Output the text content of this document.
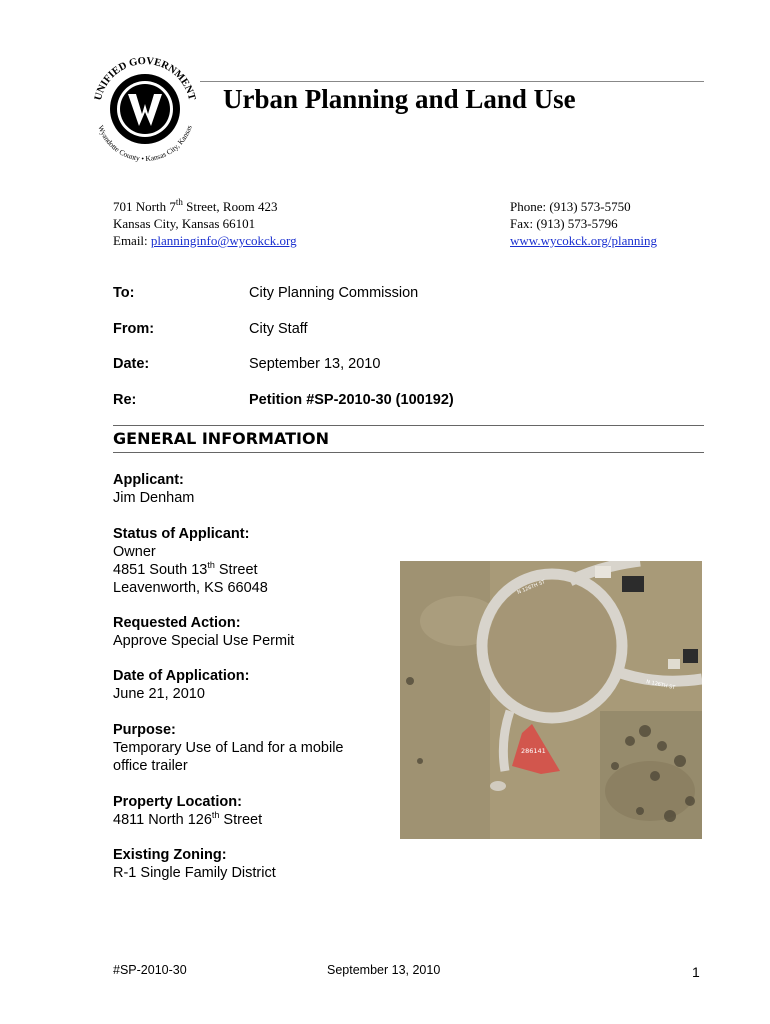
UNIFIED GOVERNMENT
Wyandotte County • Kansas City, Kansas
Urban Planning and Land Use
701 North 7th Street, Room 423
Kansas City, Kansas 66101
Email: planninginfo@wycokck.org
Phone: (913) 573-5750
Fax: (913) 573-5796
www.wycokck.org/planning
To:	City Planning Commission
From:	City Staff
Date:	September 13, 2010
Re:	Petition #SP-2010-30 (100192)
GENERAL INFORMATION
Applicant:
Jim Denham
Status of Applicant:
Owner
4851 South 13th Street
Leavenworth, KS 66048
Requested Action:
Approve Special Use Permit
Date of Application:
June 21, 2010
Purpose:
Temporary Use of Land for a mobile
office trailer
Property Location:
4811 North 126th Street
Existing Zoning:
R-1 Single Family District
286141
N 126TH ST
N 126TH ST
#SP-2010-30	September 13, 2010	1
